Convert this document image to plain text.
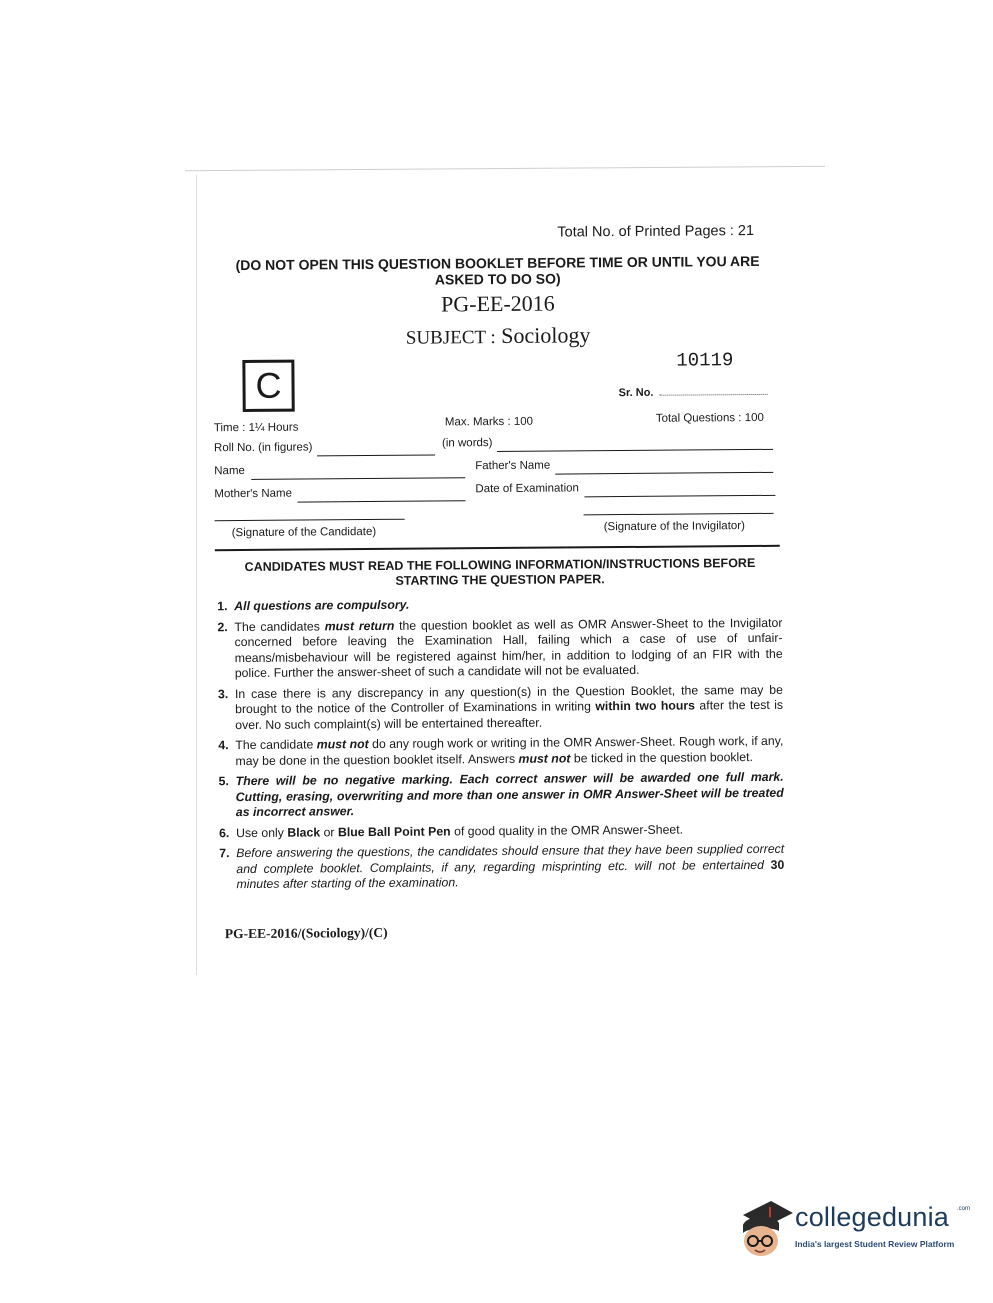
Total No. of Printed Pages : 21
(DO NOT OPEN THIS QUESTION BOOKLET BEFORE TIME OR UNTIL YOU ARE ASKED TO DO SO)
PG-EE-2016
SUBJECT : Sociology
10119
C	Sr. No.
Time : 1¼ Hours	Max. Marks : 100	Total Questions : 100
Roll No. (in figures)	(in words)
Name	Father's Name
Mother's Name	Date of Examination
(Signature of the Candidate)	(Signature of the Invigilator)
CANDIDATES MUST READ THE FOLLOWING INFORMATION/INSTRUCTIONS BEFORE STARTING THE QUESTION PAPER.
1. All questions are compulsory.
2. The candidates must return the question booklet as well as OMR Answer-Sheet to the Invigilator concerned before leaving the Examination Hall, failing which a case of use of unfair-means/misbehaviour will be registered against him/her, in addition to lodging of an FIR with the police. Further the answer-sheet of such a candidate will not be evaluated.
3. In case there is any discrepancy in any question(s) in the Question Booklet, the same may be brought to the notice of the Controller of Examinations in writing within two hours after the test is over. No such complaint(s) will be entertained thereafter.
4. The candidate must not do any rough work or writing in the OMR Answer-Sheet. Rough work, if any, may be done in the question booklet itself. Answers must not be ticked in the question booklet.
5. There will be no negative marking. Each correct answer will be awarded one full mark. Cutting, erasing, overwriting and more than one answer in OMR Answer-Sheet will be treated as incorrect answer.
6. Use only Black or Blue Ball Point Pen of good quality in the OMR Answer-Sheet.
7. Before answering the questions, the candidates should ensure that they have been supplied correct and complete booklet. Complaints, if any, regarding misprinting etc. will not be entertained 30 minutes after starting of the examination.
PG-EE-2016/(Sociology)/(C)
collegedunia .com
India's largest Student Review Platform
